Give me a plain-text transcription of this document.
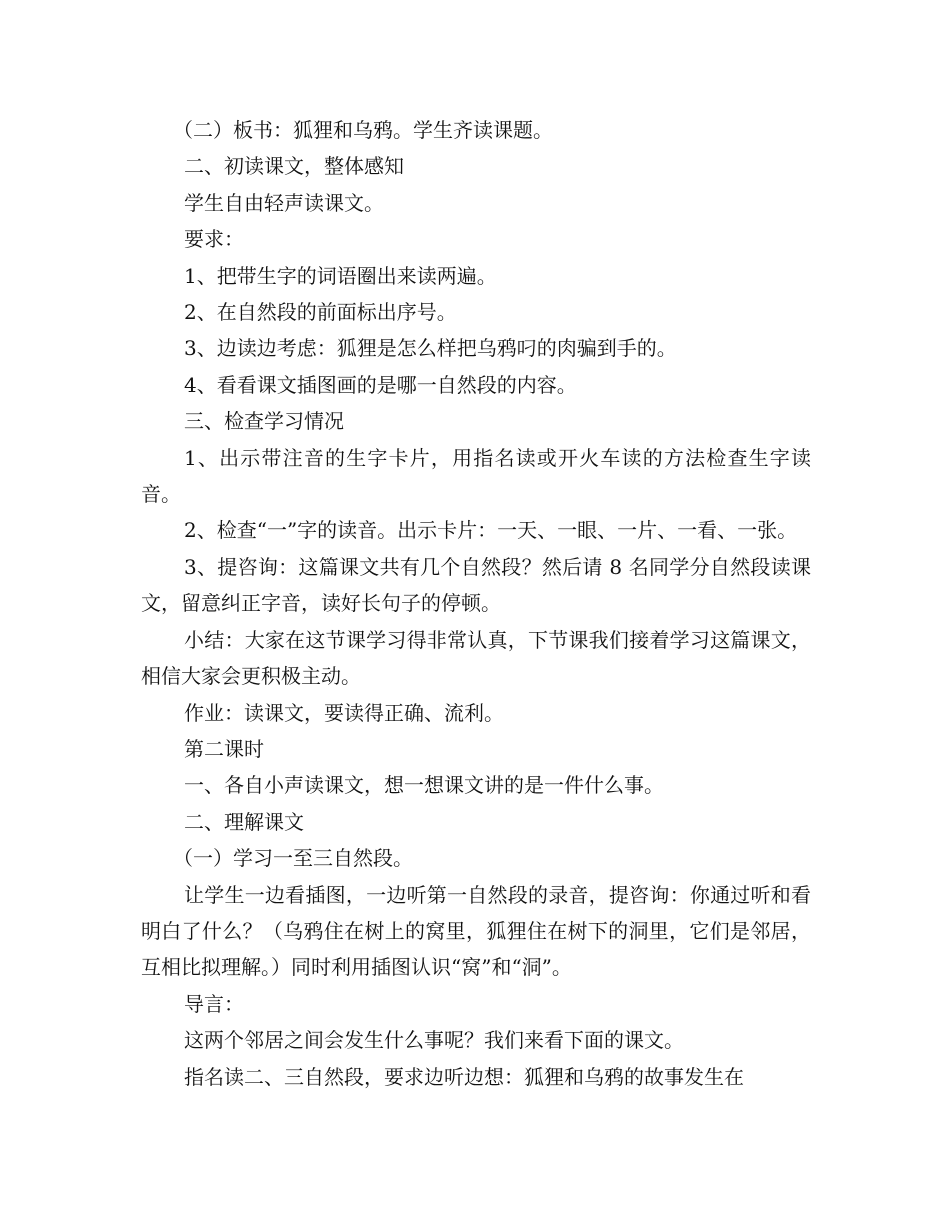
（二）板书：狐狸和乌鸦。学生齐读课题。

二、初读课文，整体感知

学生自由轻声读课文。

要求：

1、把带生字的词语圈出来读两遍。

2、在自然段的前面标出序号。

3、边读边考虑：狐狸是怎么样把乌鸦叼的肉骗到手的。

4、看看课文插图画的是哪一自然段的内容。

三、检查学习情况

1、出示带注音的生字卡片，用指名读或开火车读的方法检查生字读音。

2、检查“一”字的读音。出示卡片：一天、一眼、一片、一看、一张。

3、提咨询：这篇课文共有几个自然段？然后请 8 名同学分自然段读课文，留意纠正字音，读好长句子的停顿。

小结：大家在这节课学习得非常认真，下节课我们接着学习这篇课文，相信大家会更积极主动。

作业：读课文，要读得正确、流利。

第二课时

一、各自小声读课文，想一想课文讲的是一件什么事。

二、理解课文

（一）学习一至三自然段。

让学生一边看插图，一边听第一自然段的录音，提咨询：你通过听和看明白了什么？（乌鸦住在树上的窝里，狐狸住在树下的洞里，它们是邻居，互相比拟理解。）同时利用插图认识“窝”和“洞”。

导言：

这两个邻居之间会发生什么事呢？我们来看下面的课文。

指名读二、三自然段，要求边听边想：狐狸和乌鸦的故事发生在
